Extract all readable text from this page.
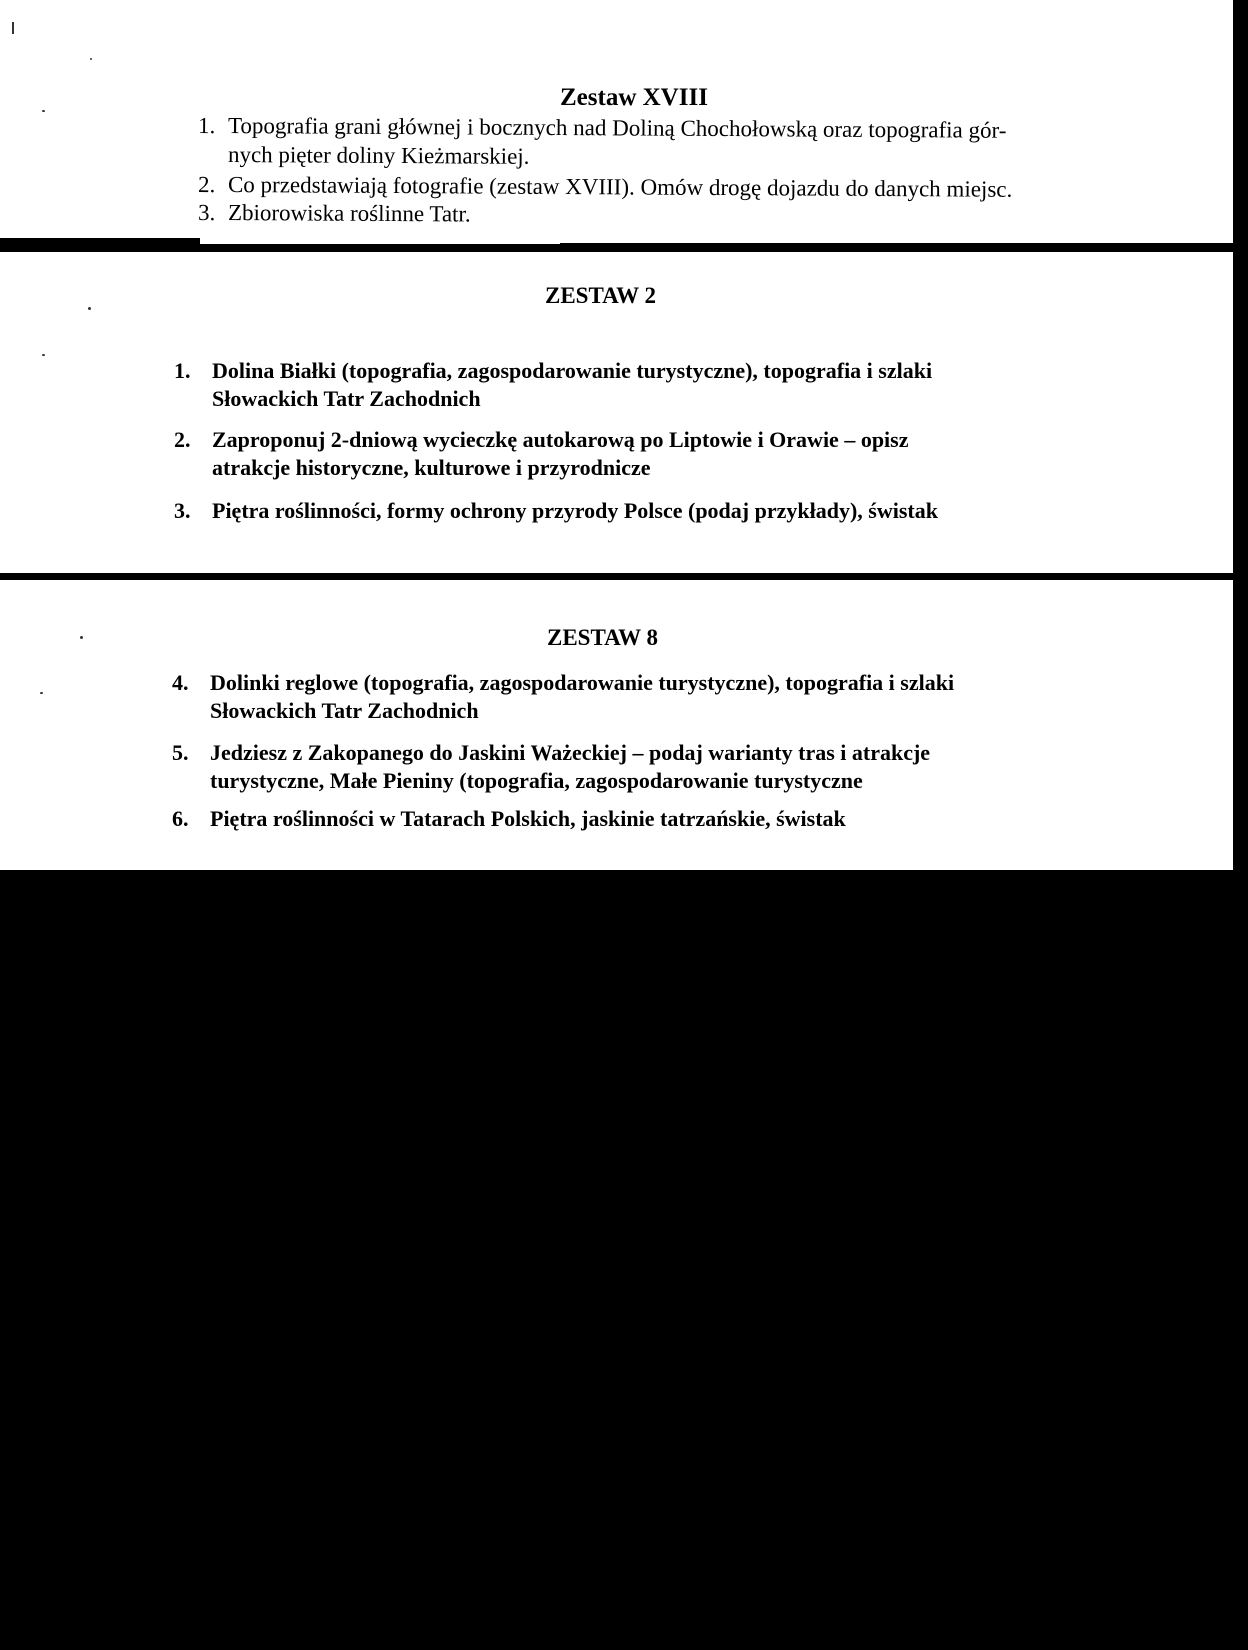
Zestaw XVIII
1. Topografia grani głównej i bocznych nad Doliną Chochołowską oraz topografia gór-
nych pięter doliny Kieżmarskiej.
2. Co przedstawiają fotografie (zestaw XVIII). Omów drogę dojazdu do danych miejsc.
3. Zbiorowiska roślinne Tatr.
ZESTAW 2
1. Dolina Białki (topografia, zagospodarowanie turystyczne), topografia i szlaki
Słowackich Tatr Zachodnich
2. Zaproponuj 2-dniową wycieczkę autokarową po Liptowie i Orawie – opisz
atrakcje historyczne, kulturowe i przyrodnicze
3. Piętra roślinności, formy ochrony przyrody Polsce (podaj przykłady), świstak
ZESTAW 8
4. Dolinki reglowe (topografia, zagospodarowanie turystyczne), topografia i szlaki
Słowackich Tatr Zachodnich
5. Jedziesz z Zakopanego do Jaskini Ważeckiej – podaj warianty tras i atrakcje
turystyczne, Małe Pieniny (topografia, zagospodarowanie turystyczne
6. Piętra roślinności w Tatarach Polskich, jaskinie tatrzańskie, świstak
